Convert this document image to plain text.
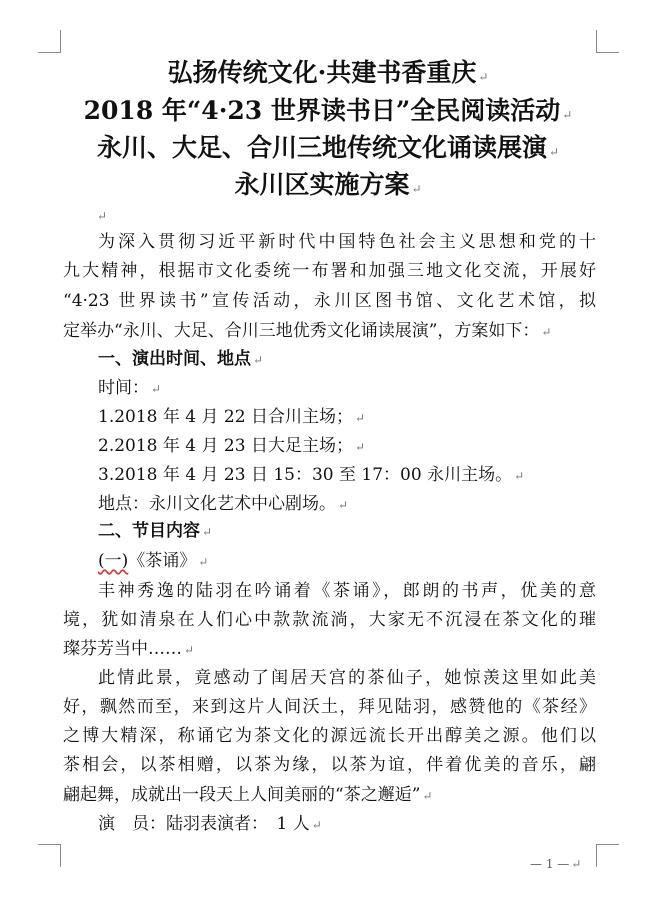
弘扬传统文化·共建书香重庆 ↵
2018 年“4·23 世界读书日”全民阅读活动 ↵
永川、大足、合川三地传统文化诵读展演 ↵
永川区实施方案 ↵
↵
为深入贯彻习近平新时代中国特色社会主义思想和党的十
九大精神，根据市文化委统一布署和加强三地文化交流，开展好
“4·23 世界读书”宣传活动，永川区图书馆、文化艺术馆，拟
定举办“永川、大足、合川三地优秀文化诵读展演”，方案如下： ↵
一、演出时间、地点 ↵
时间： ↵
1.2018 年 4 月 22 日合川主场； ↵
2.2018 年 4 月 23 日大足主场； ↵
3.2018 年 4 月 23 日 15：30 至 17：00 永川主场。 ↵
地点：永川文化艺术中心剧场。 ↵
二、节目内容 ↵
(一)《茶诵》 ↵
丰神秀逸的陆羽在吟诵着《茶诵》，郎朗的书声，优美的意
境，犹如清泉在人们心中款款流淌，大家无不沉浸在茶文化的璀
璨芬芳当中…… ↵
此情此景，竟感动了闺居天宫的茶仙子，她惊羡这里如此美
好，飘然而至，来到这片人间沃土，拜见陆羽，感赞他的《茶经》
之博大精深，称诵它为茶文化的源远流长开出醇美之源。他们以
茶相会，以茶相赠，以茶为缘，以茶为谊，伴着优美的音乐，翩
翩起舞，成就出一段天上人间美丽的“茶之邂逅” ↵
演　员：陆羽表演者：　1 人 ↵
— 1 — ↵
